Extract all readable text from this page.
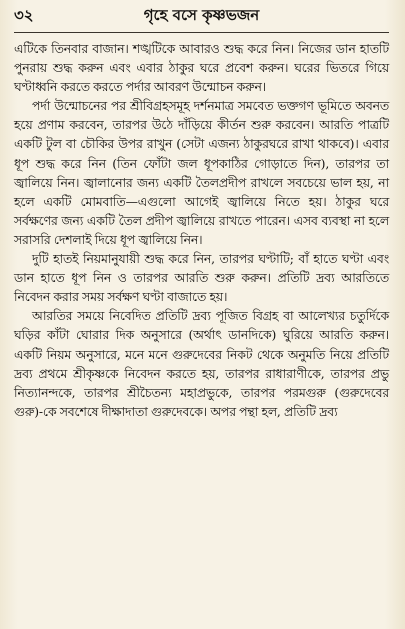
৩২	গৃহে বসে কৃষ্ণভজন

এটিকে তিনবার বাজান। শঙ্খটিকে আবারও শুদ্ধ করে নিন। নিজের ডান হাতটি পুনরায় শুদ্ধ করুন এবং এবার ঠাকুর ঘরে প্রবেশ করুন। ঘরের ভিতরে গিয়ে ঘণ্টাধ্বনি করতে করতে পর্দার আবরণ উন্মোচন করুন।

পর্দা উন্মোচনের পর শ্রীবিগ্রহসমূহ দর্শনমাত্র সমবেত ভক্তগণ ভূমিতে অবনত হয়ে প্রণাম করবেন, তারপর উঠে দাঁড়িয়ে কীর্তন শুরু করবেন। আরতি পাত্রটি একটি টুল বা চৌকির উপর রাখুন (সেটা এজন্য ঠাকুরঘরে রাখা থাকবে)। এবার ধূপ শুদ্ধ করে নিন (তিন ফোঁটা জল ধূপকাঠির গোড়াতে দিন), তারপর তা জ্বালিয়ে নিন। জ্বালানোর জন্য একটি তৈলপ্রদীপ রাখলে সবচেয়ে ভাল হয়, না হলে একটি মোমবাতি—এগুলো আগেই জ্বালিয়ে নিতে হয়। ঠাকুর ঘরে সর্বক্ষণের জন্য একটি তৈল প্রদীপ জ্বালিয়ে রাখতে পারেন। এসব ব্যবস্থা না হলে সরাসরি দেশলাই দিয়ে ধূপ জ্বালিয়ে নিন।

দুটি হাতই নিয়মানুযায়ী শুদ্ধ করে নিন, তারপর ঘণ্টাটি; বাঁ হাতে ঘণ্টা এবং ডান হাতে ধূপ নিন ও তারপর আরতি শুরু করুন। প্রতিটি দ্রব্য আরতিতে নিবেদন করার সময় সর্বক্ষণ ঘণ্টা বাজাতে হয়।

আরতির সময়ে নিবেদিত প্রতিটি দ্রব্য পূজিত বিগ্রহ বা আলেখ্যর চতুর্দিকে ঘড়ির কাঁটা ঘোরার দিক অনুসারে (অর্থাৎ ডানদিকে) ঘুরিয়ে আরতি করুন। একটি নিয়ম অনুসারে, মনে মনে গুরুদেবের নিকট থেকে অনুমতি নিয়ে প্রতিটি দ্রব্য প্রথমে শ্রীকৃষ্ণকে নিবেদন করতে হয়, তারপর রাধারাণীকে, তারপর প্রভু নিত্যানন্দকে, তারপর শ্রীচৈতন্য মহাপ্রভুকে, তারপর পরমগুরু (গুরুদেবের গুরু)-কে সবশেষে দীক্ষাদাতা গুরুদেবকে। অপর পন্থা হল, প্রতিটি দ্রব্য
